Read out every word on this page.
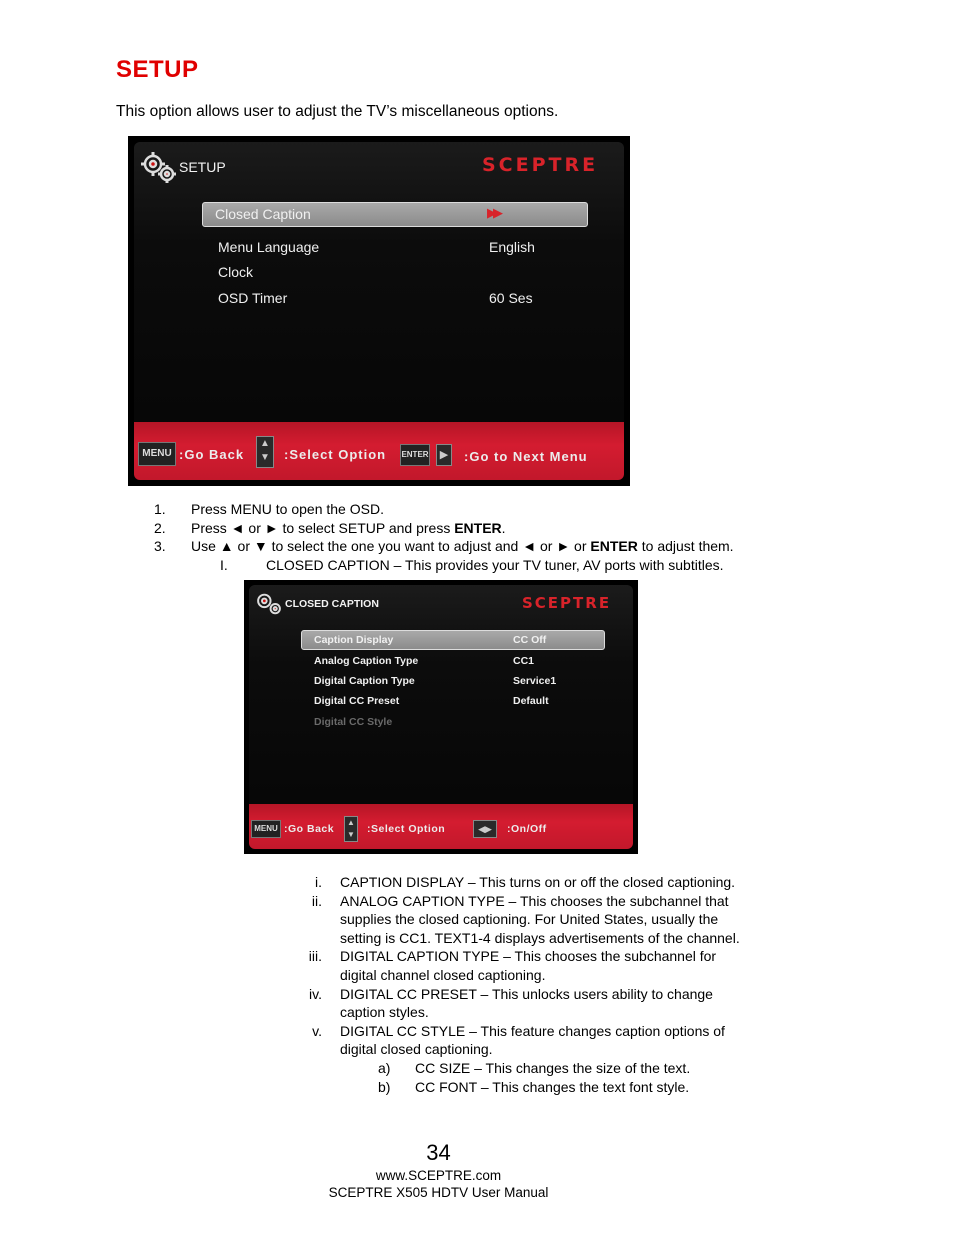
SETUP
This option allows user to adjust the TV’s miscellaneous options.
SETUP	SCEPTRE
Closed Caption	▶▶
Menu Language	English
Clock
OSD Timer	60 Ses
MENU :Go Back
▲
▼	:Select Option ENTER	▶ :Go to Next Menu
1. Press MENU to open the OSD.
2. Press ◄ or ► to select SETUP and press ENTER.
3. Use ▲ or ▼ to select the one you want to adjust and ◄ or ► or ENTER to adjust them.
I.	CLOSED CAPTION – This provides your TV tuner, AV ports with subtitles.
CLOSED CAPTION	SCEPTRE
Caption Display	CC Off
Analog Caption Type	CC1
Digital Caption Type	Service1
Digital CC Preset	Default
Digital CC Style
MENU :Go Back
▲
▼ :Select Option	◀▶	:On/Off
i. CAPTION DISPLAY – This turns on or off the closed captioning.
ii. ANALOG CAPTION TYPE – This chooses the subchannel that
supplies the closed captioning. For United States, usually the
setting is CC1. TEXT1-4 displays advertisements of the channel.
iii. DIGITAL CAPTION TYPE – This chooses the subchannel for
digital channel closed captioning.
iv. DIGITAL CC PRESET – This unlocks users ability to change
caption styles.
v. DIGITAL CC STYLE – This feature changes caption options of
digital closed captioning.
a) CC SIZE – This changes the size of the text.
b) CC FONT – This changes the text font style.
34
www.SCEPTRE.com
SCEPTRE X505 HDTV User Manual
